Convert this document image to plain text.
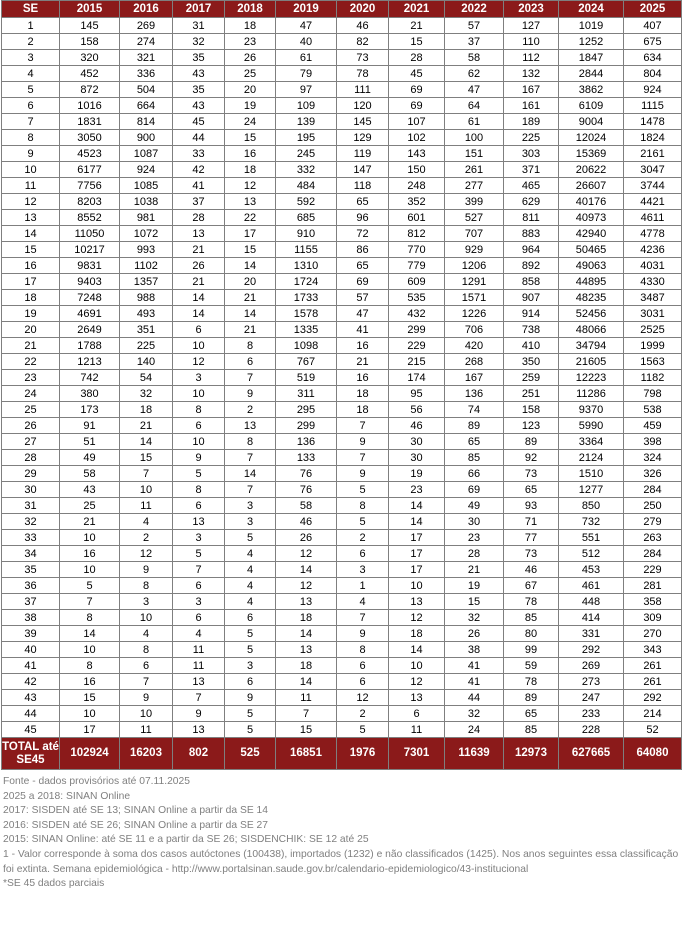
SE	2015	2016	2017	2018	2019	2020	2021	2022	2023	2024	2025
1	145	269	31	18	47	46	21	57	127	1019	407
2	158	274	32	23	40	82	15	37	110	1252	675
3	320	321	35	26	61	73	28	58	112	1847	634
4	452	336	43	25	79	78	45	62	132	2844	804
5	872	504	35	20	97	111	69	47	167	3862	924
6	1016	664	43	19	109	120	69	64	161	6109	1115
7	1831	814	45	24	139	145	107	61	189	9004	1478
8	3050	900	44	15	195	129	102	100	225	12024	1824
9	4523	1087	33	16	245	119	143	151	303	15369	2161
10	6177	924	42	18	332	147	150	261	371	20622	3047
11	7756	1085	41	12	484	118	248	277	465	26607	3744
12	8203	1038	37	13	592	65	352	399	629	40176	4421
13	8552	981	28	22	685	96	601	527	811	40973	4611
14	11050	1072	13	17	910	72	812	707	883	42940	4778
15	10217	993	21	15	1155	86	770	929	964	50465	4236
16	9831	1102	26	14	1310	65	779	1206	892	49063	4031
17	9403	1357	21	20	1724	69	609	1291	858	44895	4330
18	7248	988	14	21	1733	57	535	1571	907	48235	3487
19	4691	493	14	14	1578	47	432	1226	914	52456	3031
20	2649	351	6	21	1335	41	299	706	738	48066	2525
21	1788	225	10	8	1098	16	229	420	410	34794	1999
22	1213	140	12	6	767	21	215	268	350	21605	1563
23	742	54	3	7	519	16	174	167	259	12223	1182
24	380	32	10	9	311	18	95	136	251	11286	798
25	173	18	8	2	295	18	56	74	158	9370	538
26	91	21	6	13	299	7	46	89	123	5990	459
27	51	14	10	8	136	9	30	65	89	3364	398
28	49	15	9	7	133	7	30	85	92	2124	324
29	58	7	5	14	76	9	19	66	73	1510	326
30	43	10	8	7	76	5	23	69	65	1277	284
31	25	11	6	3	58	8	14	49	93	850	250
32	21	4	13	3	46	5	14	30	71	732	279
33	10	2	3	5	26	2	17	23	77	551	263
34	16	12	5	4	12	6	17	28	73	512	284
35	10	9	7	4	14	3	17	21	46	453	229
36	5	8	6	4	12	1	10	19	67	461	281
37	7	3	3	4	13	4	13	15	78	448	358
38	8	10	6	6	18	7	12	32	85	414	309
39	14	4	4	5	14	9	18	26	80	331	270
40	10	8	11	5	13	8	14	38	99	292	343
41	8	6	11	3	18	6	10	41	59	269	261
42	16	7	13	6	14	6	12	41	78	273	261
43	15	9	7	9	11	12	13	44	89	247	292
44	10	10	9	5	7	2	6	32	65	233	214
45	17	11	13	5	15	5	11	24	85	228	52
TOTAL até
SE45	102924	16203	802	525	16851	1976	7301	11639	12973	627665	64080
Fonte - dados provisórios até 07.11.2025
2025 a 2018: SINAN Online
2017: SISDEN até SE 13; SINAN Online a partir da SE 14
2016: SISDEN até SE 26; SINAN Online a partir da SE 27
2015: SINAN Online: até SE 11 e a partir da SE 26; SISDENCHIK: SE 12 até 25
1 - Valor corresponde à soma dos casos autóctones (100438), importados (1232) e não classificados (1425). Nos anos seguintes essa classificação foi extinta. Semana epidemiológica - http://www.portalsinan.saude.gov.br/calendario-epidemiologico/43-institucional
*SE 45 dados parciais
